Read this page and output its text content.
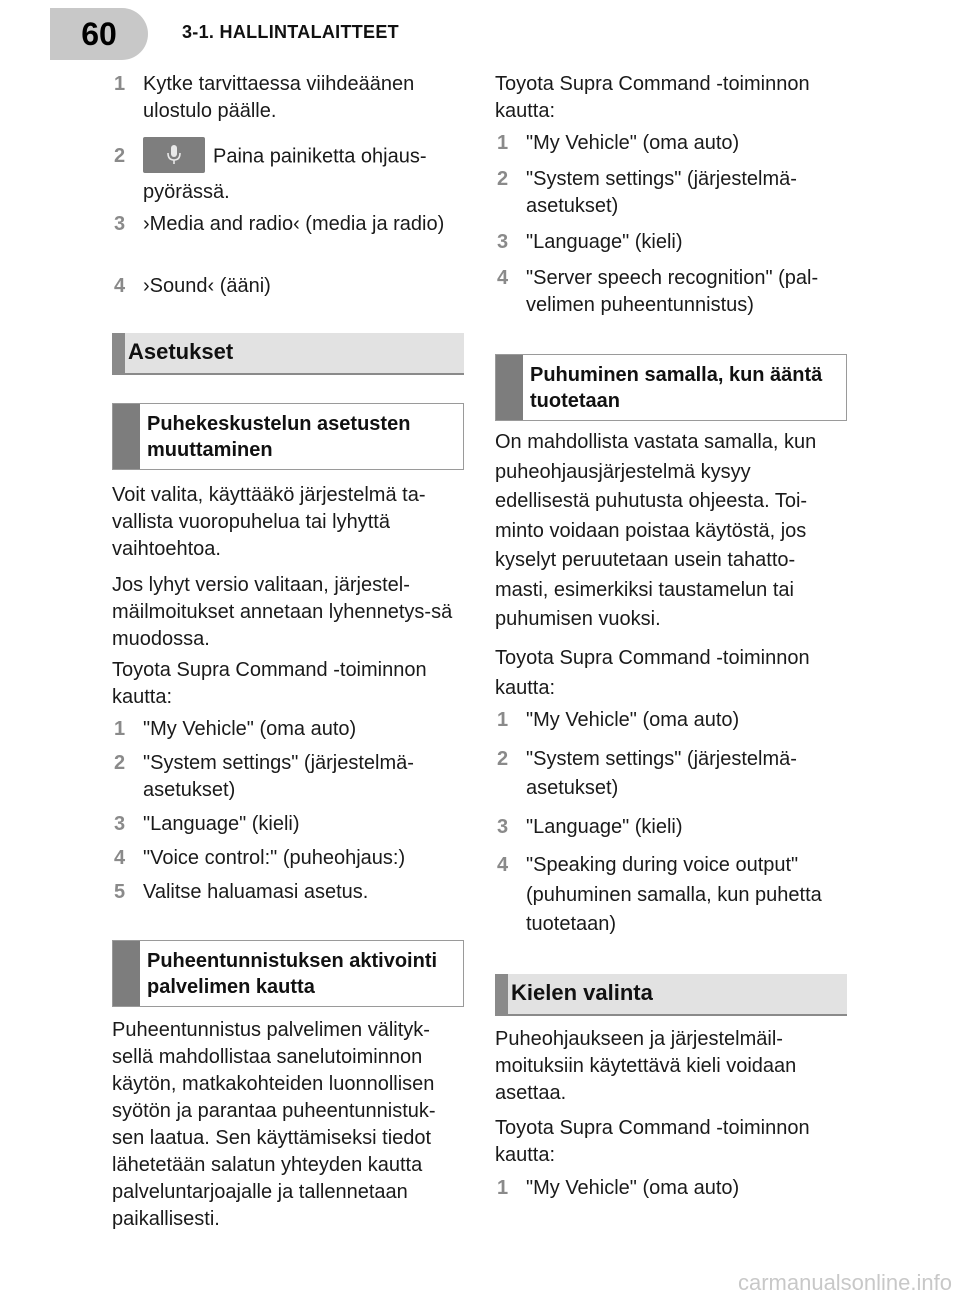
60	3-1. HALLINTALAITTEET
1 Kytke tarvittaessa viihdeäänen ulostulo päälle.
2	Paina painiketta ohjaus-pyörässä.
3 ›Media and radio‹ (media ja radio)
4 ›Sound‹ (ääni)
Asetukset
Puhekeskustelun asetusten muuttaminen

Voit valita, käyttääkö järjestelmä ta-vallista vuoropuhelua tai lyhyttä vaihtoehtoa.

Jos lyhyt versio valitaan, järjestel-mäilmoitukset annetaan lyhennetys-sä muodossa.

Toyota Supra Command -toiminnon kautta:

1 "My Vehicle" (oma auto)
2 "System settings" (järjestelmä-asetukset)
3 "Language" (kieli)
4 "Voice control:" (puheohjaus:)
5 Valitse haluamasi asetus.
Puheentunnistuksen aktivointi palvelimen kautta

Puheentunnistus palvelimen välityk-sellä mahdollistaa sanelutoiminnon käytön, matkakohteiden luonnollisen syötön ja parantaa puheentunnistuk-sen laatua. Sen käyttämiseksi tiedot lähetetään salatun yhteyden kautta palveluntarjoajalle ja tallennetaan paikallisesti.

Toyota Supra Command -toiminnon kautta:

1 "My Vehicle" (oma auto)
2 "System settings" (järjestelmä-asetukset)
3 "Language" (kieli)
4 "Server speech recognition" (pal-velimen puheentunnistus)
Puhuminen samalla, kun ääntä tuotetaan

On mahdollista vastata samalla, kun puheohjausjärjestelmä kysyy edellisestä puhutusta ohjeesta. Toi-minto voidaan poistaa käytöstä, jos kyselyt peruutetaan usein tahatto-masti, esimerkiksi taustamelun tai puhumisen vuoksi.

Toyota Supra Command -toiminnon kautta:

1 "My Vehicle" (oma auto)
2 "System settings" (järjestelmä-asetukset)
3 "Language" (kieli)
4 "Speaking during voice output" (puhuminen samalla, kun puhetta tuotetaan)
Kielen valinta

Puheohjaukseen ja järjestelmäil-moituksiin käytettävä kieli voidaan asettaa.

Toyota Supra Command -toiminnon kautta:

1 "My Vehicle" (oma auto)
carmanualsonline.info
